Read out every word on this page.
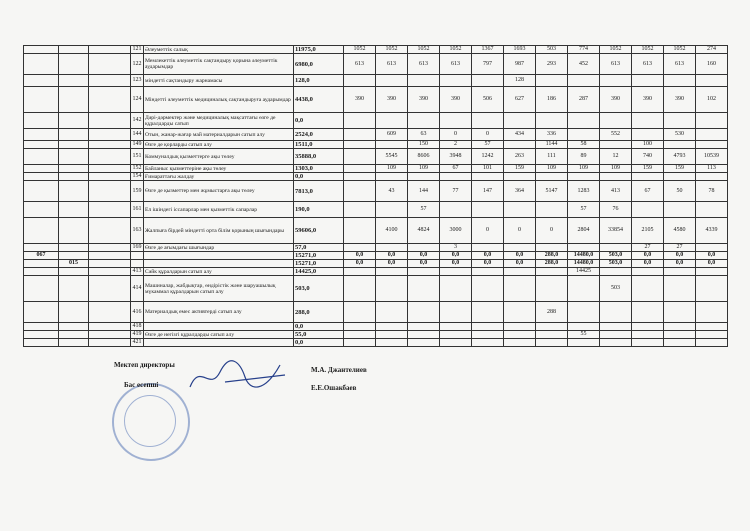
			121	Әлеуметтік салық	11975,0	1052	1052	1052	1052	1367	1693	503	774	1052	1052	1052	274
			122	Мемлекеттік әлеуметтік сақтандыру қорына әлеуметтік аударымдар	6980,0	613	613	613	613	797	987	293	452	613	613	613	160
			123	міндетті сақтандыру жарнамасы	128,0						128						
			124	Міндетті әлеуметтік медициналық сақтандыруға аударымдар	4438,0	390	390	390	390	506	627	186	287	390	390	390	102
			142	Дәрі-дәрмектер және медициналық мақсаттағы өзге де құралдарды сатып	0,0												
			144	Отын, жанар-жағар май материалдарын сатып алу	2524,0		609	63	0	0	434	336		552		530	
			149	Өзге де қорларды сатып алу	1511,0			150	2	57		1144	58		100		
			151	Коммуналдық қызметтерге ақы төлеу	35888,0		5545	8606	3948	1242	263	111	89	12	740	4793	10539
			152	Байланыс қызметтеріне ақы төлеу	1303,0		109	109	67	101	159	109	109	109	159	159	113
			154	Ғимараттағы жалдау	0,0												
			159	Өзге де қызметтер мен жұмыстарға ақы төлеу	7813,0		43	144	77	147	364	5147	1283	413	67	50	78
			161	Ел ішіндегі іссапарлар мен қызметтік сапарлар	190,0			57					57	76			
			163	Жалпыға бірдей міндетті орта білім қорының шығындары	59606,0		4100	4824	3000	0	0	0	2804	33854	2105	4580	4339
			169	Өзге де ағымдағы шығындар	57,0				3						27	27	
067					15271,0	0,0	0,0	0,0	0,0	0,0	0,0	288,0	14480,0	503,0	0,0	0,0	0,0
	015				15271,0	0,0	0,0	0,0	0,0	0,0	0,0	288,0	14480,0	503,0	0,0	0,0	0,0
			413	Сәйк құралдарын сатып алу	14425,0								14425				
			414	Машиналар, жабдықтар, өндірістік және шаруашылық мүкаммал құралдарын сатып алу	503,0									503			
			416	Материалдық емес активтерді сатып алу	288,0							288					
			418		0,0												
			419	Өзге де негізгі құралдарды сатып алу	55,0								55				
			421		0,0												
Мектеп директоры
М.А. Джантелиев
Бас есепші	Е.Е.Ошакбаев
